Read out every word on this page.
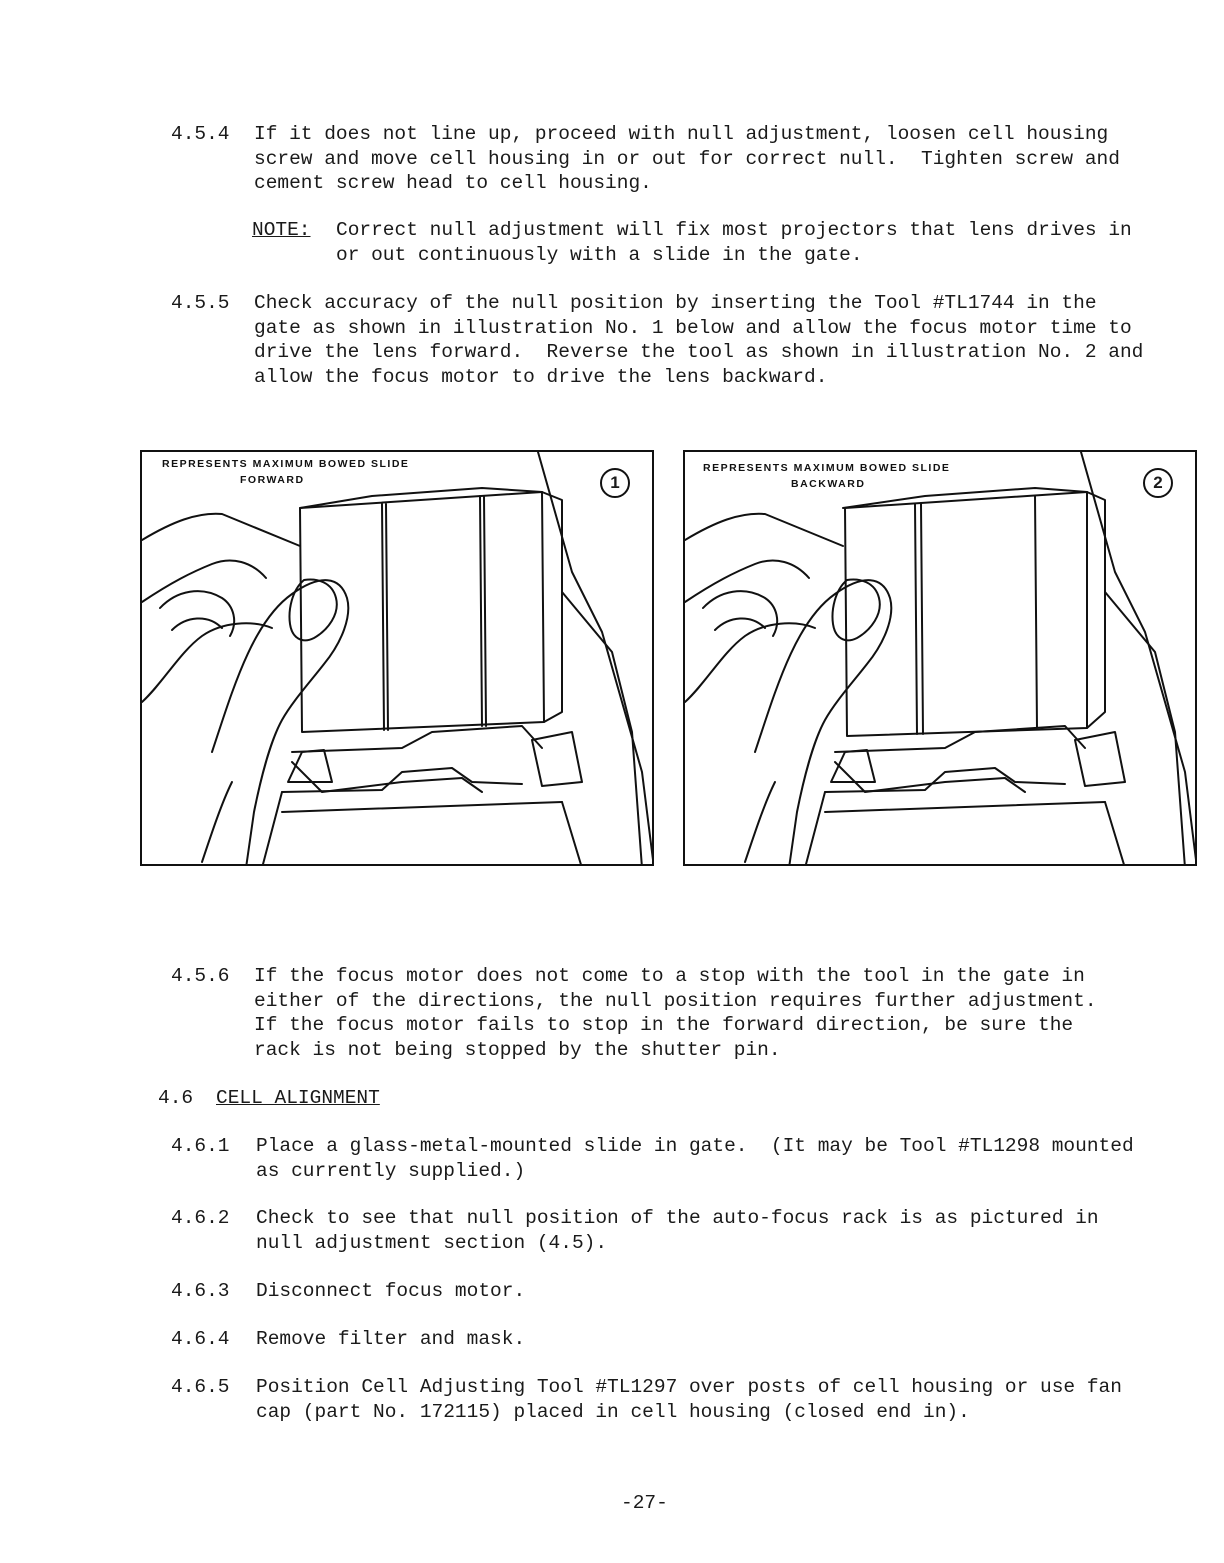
4.5.4 If it does not line up, proceed with null adjustment, loosen cell housing
screw and move cell housing in or out for correct null.  Tighten screw and
cement screw head to cell housing.
NOTE: Correct null adjustment will fix most projectors that lens drives in
or out continuously with a slide in the gate.
4.5.5 Check accuracy of the null position by inserting the Tool #TL1744 in the
gate as shown in illustration No. 1 below and allow the focus motor time to
drive the lens forward.  Reverse the tool as shown in illustration No. 2 and
allow the focus motor to drive the lens backward.
REPRESENTS MAXIMUM BOWED SLIDE
FORWARD	1
REPRESENTS MAXIMUM BOWED SLIDE
BACKWARD	2
4.5.6 If the focus motor does not come to a stop with the tool in the gate in
either of the directions, the null position requires further adjustment.
If the focus motor fails to stop in the forward direction, be sure the
rack is not being stopped by the shutter pin.
4.6 CELL ALIGNMENT
4.6.1 Place a glass-metal-mounted slide in gate.  (It may be Tool #TL1298 mounted
as currently supplied.)
4.6.2 Check to see that null position of the auto-focus rack is as pictured in
null adjustment section (4.5).
4.6.3 Disconnect focus motor.
4.6.4 Remove filter and mask.
4.6.5 Position Cell Adjusting Tool #TL1297 over posts of cell housing or use fan
cap (part No. 172115) placed in cell housing (closed end in).
-27-
